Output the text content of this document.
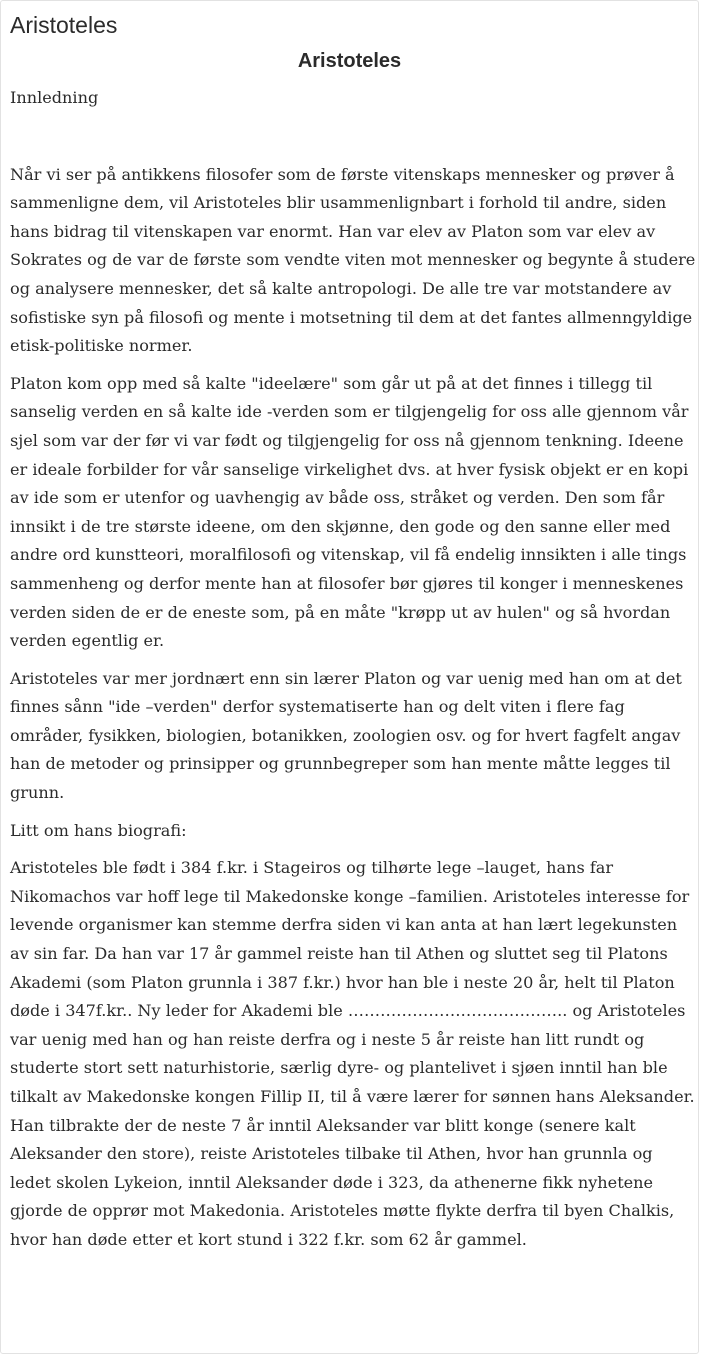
Aristoteles
Aristoteles

Innledning

Når vi ser på antikkens filosofer som de første vitenskaps mennesker og prøver å sammenligne dem, vil Aristoteles blir usammenlignbart i forhold til andre, siden hans bidrag til vitenskapen var enormt. Han var elev av Platon som var elev av Sokrates og de var de første som vendte viten mot mennesker og begynte å studere og analysere mennesker, det så kalte antropologi. De alle tre var motstandere av sofistiske syn på filosofi og mente i motsetning til dem at det fantes allmenngyldige etisk-politiske normer.

Platon kom opp med så kalte "ideelære" som går ut på at det finnes i tillegg til sanselig verden en så kalte ide -verden som er tilgjengelig for oss alle gjennom vår sjel som var der før vi var født og tilgjengelig for oss nå gjennom tenkning. Ideene er ideale forbilder for vår sanselige virkelighet dvs. at hver fysisk objekt er en kopi av ide som er utenfor og uavhengig av både oss, stråket og verden. Den som får innsikt i de tre største ideene, om den skjønne, den gode og den sanne eller med andre ord kunstteori, moralfilosofi og vitenskap, vil få endelig innsikten i alle tings sammenheng og derfor mente han at filosofer bør gjøres til konger i menneskenes verden siden de er de eneste som, på en måte "krøpp ut av hulen" og så hvordan verden egentlig er.

Aristoteles var mer jordnært enn sin lærer Platon og var uenig med han om at det finnes sånn "ide –verden" derfor systematiserte han og delt viten i flere fag områder, fysikken, biologien, botanikken, zoologien osv. og for hvert fagfelt angav han de metoder og prinsipper og grunnbegreper som han mente måtte legges til grunn.

Litt om hans biografi:

Aristoteles ble født i 384 f.kr. i Stageiros og tilhørte lege –lauget, hans far Nikomachos var hoff lege til Makedonske konge –familien. Aristoteles interesse for levende organismer kan stemme derfra siden vi kan anta at han lært legekunsten av sin far. Da han var 17 år gammel reiste han til Athen og sluttet seg til Platons Akademi (som Platon grunnla i 387 f.kr.) hvor han ble i neste 20 år, helt til Platon døde i 347f.kr.. Ny leder for Akademi ble ………………………………….. og Aristoteles var uenig med han og han reiste derfra og i neste 5 år reiste han litt rundt og studerte stort sett naturhistorie, særlig dyre- og plantelivet i sjøen inntil han ble tilkalt av Makedonske kongen Fillip II, til å være lærer for sønnen hans Aleksander. Han tilbrakte der de neste 7 år inntil Aleksander var blitt konge (senere kalt Aleksander den store), reiste Aristoteles tilbake til Athen, hvor han grunnla og ledet skolen Lykeion, inntil Aleksander døde i 323, da athenerne fikk nyhetene gjorde de opprør mot Makedonia. Aristoteles møtte flykte derfra til byen Chalkis, hvor han døde etter et kort stund i 322 f.kr. som 62 år gammel.
